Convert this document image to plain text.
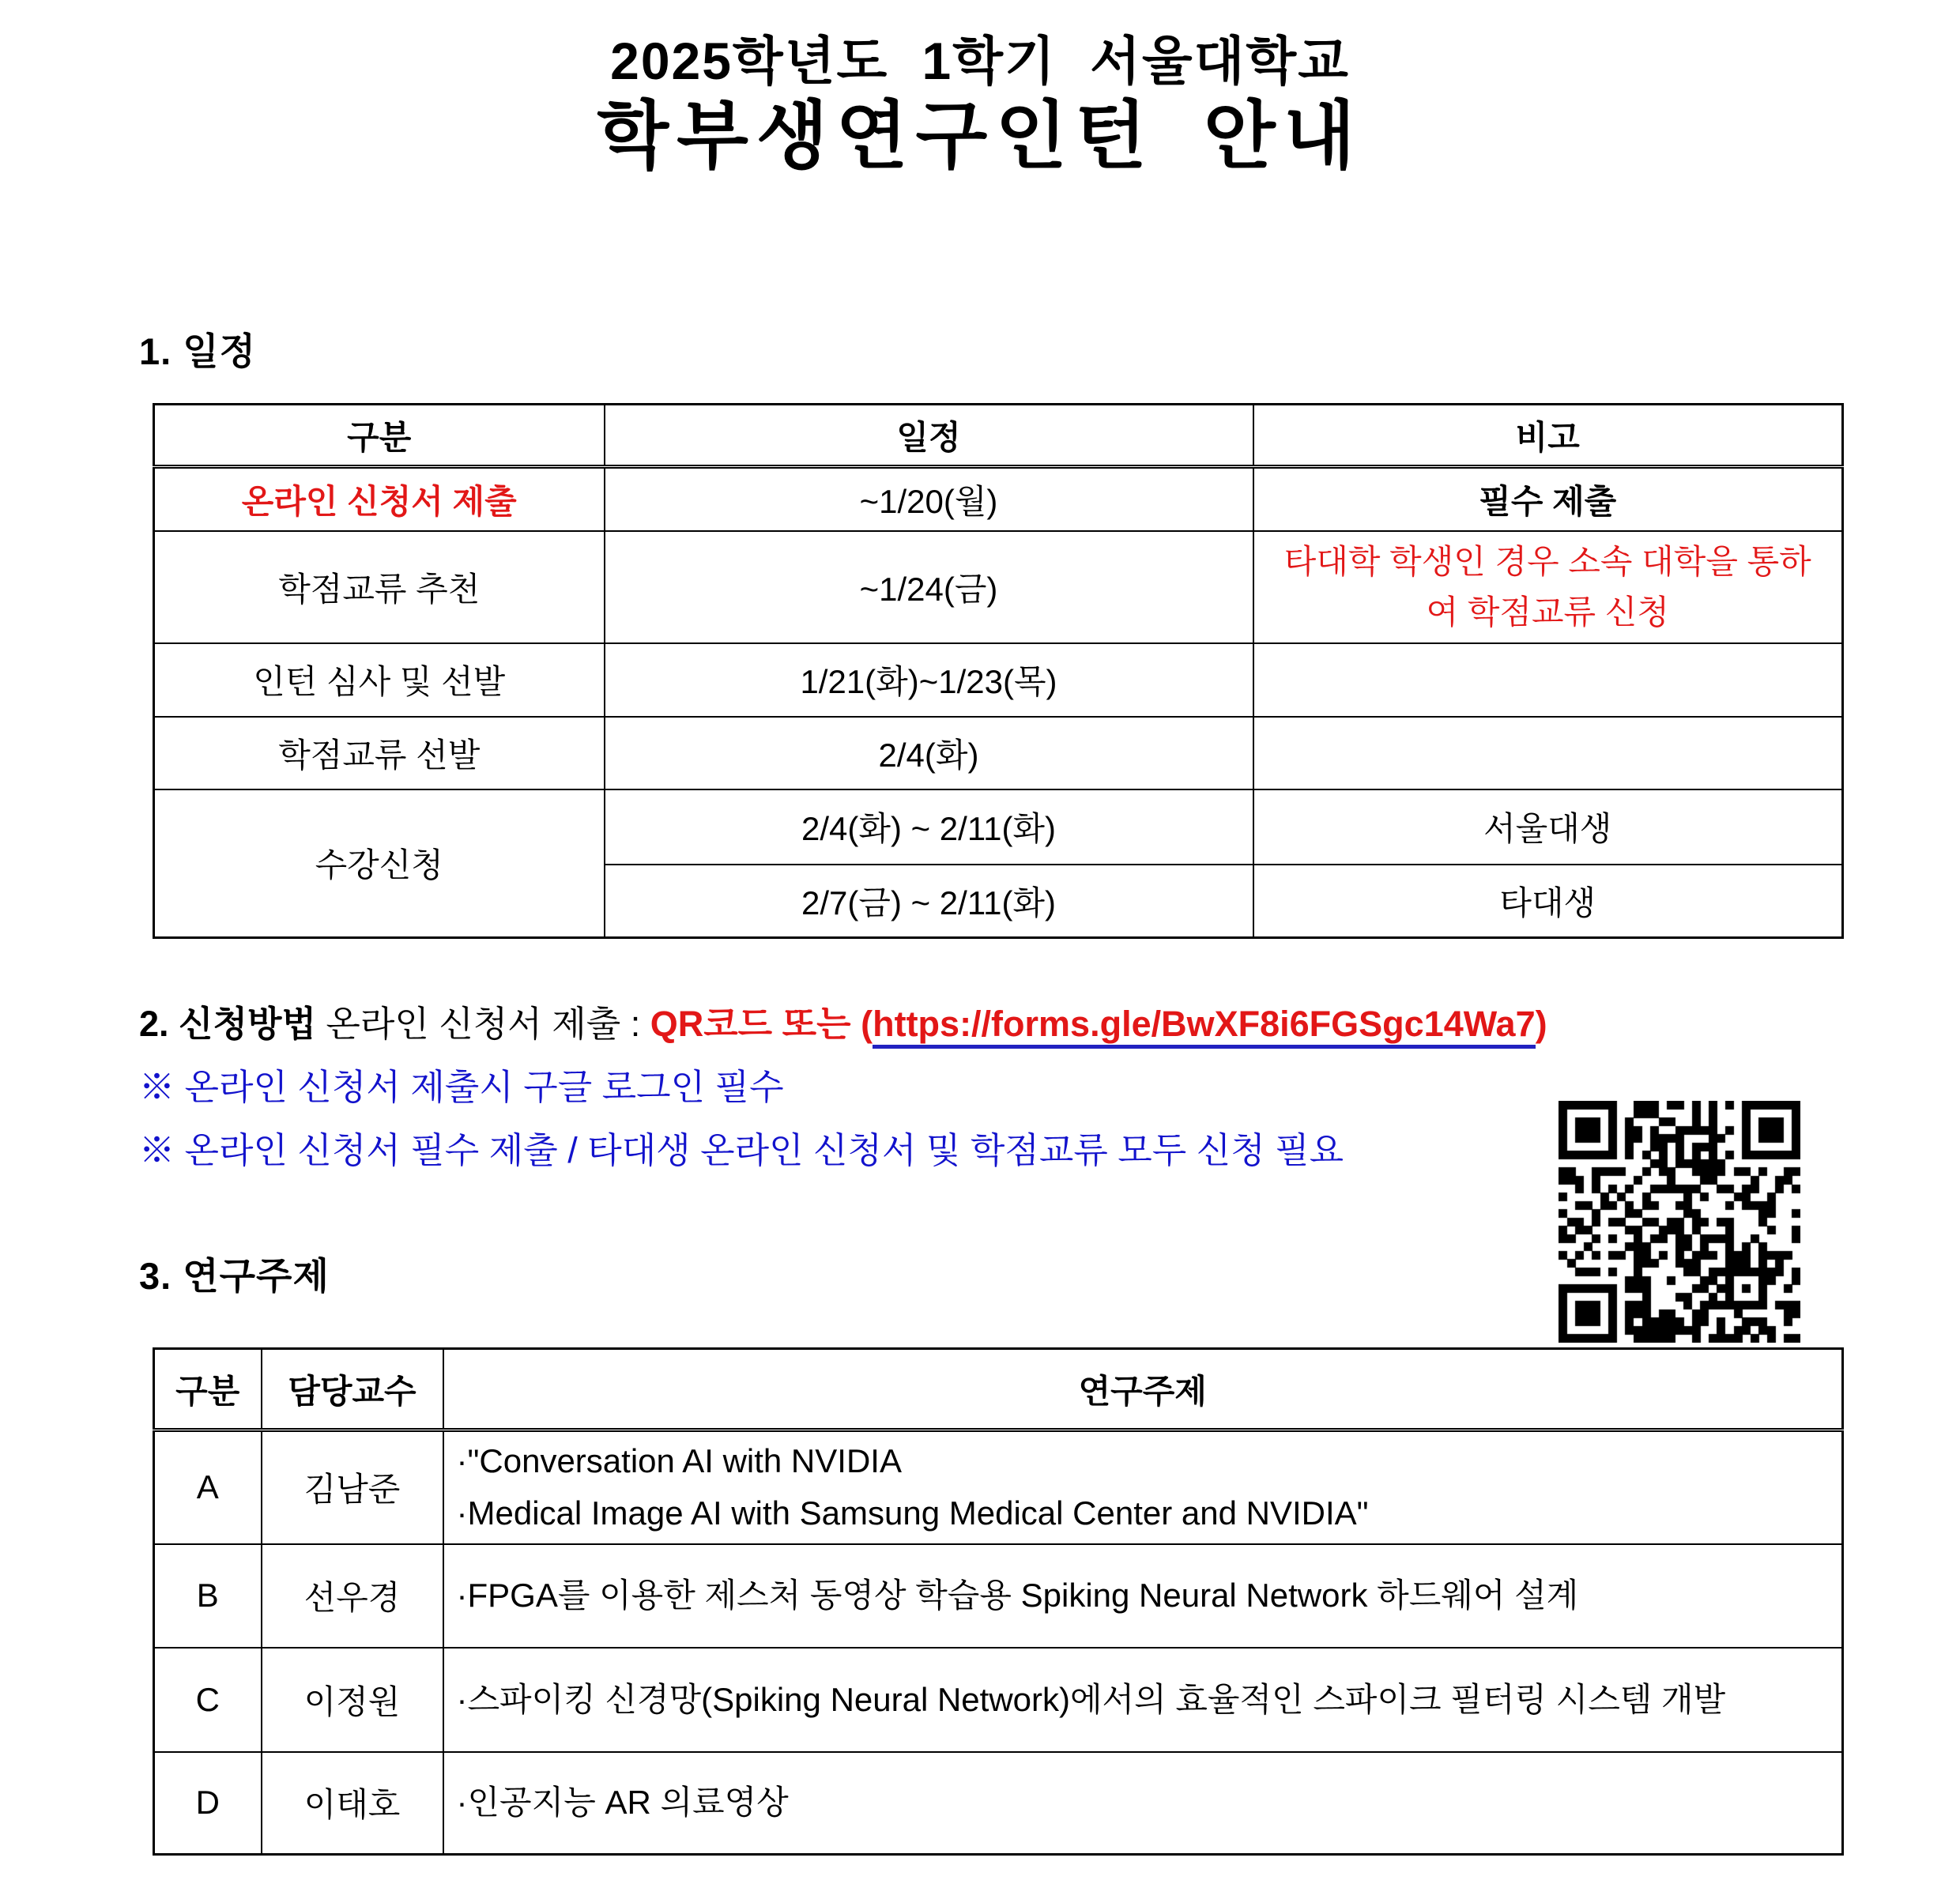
2025학년도 1학기 서울대학교
학부생연구인턴 안내
1. 일정
구분	일정	비고
온라인 신청서 제출	~1/20(월)	필수 제출
학점교류 추천	~1/24(금)	타대학 학생인 경우 소속 대학을 통하여 학점교류 신청
인턴 심사 및 선발	1/21(화)~1/23(목)	
학점교류 선발	2/4(화)	
수강신청	2/4(화) ~ 2/11(화)	서울대생
	2/7(금) ~ 2/11(화)	타대생
2. 신청방법 온라인 신청서 제출 : QR코드 또는 (https://forms.gle/BwXF8i6FGSgc14Wa7)
※ 온라인 신청서 제출시 구글 로그인 필수
※ 온라인 신청서 필수 제출 / 타대생 온라인 신청서 및 학점교류 모두 신청 필요
3. 연구주제
구분	담당교수	연구주제
A	김남준	·"Conversation AI with NVIDIA
·Medical Image AI with Samsung Medical Center and NVIDIA"

B	선우경	·FPGA를 이용한 제스처 동영상 학습용 Spiking Neural Network 하드웨어 설계

C	이정원	·스파이킹 신경망(Spiking Neural Network)에서의 효율적인 스파이크 필터링 시스템 개발

D	이태호	·인공지능 AR 의료영상
